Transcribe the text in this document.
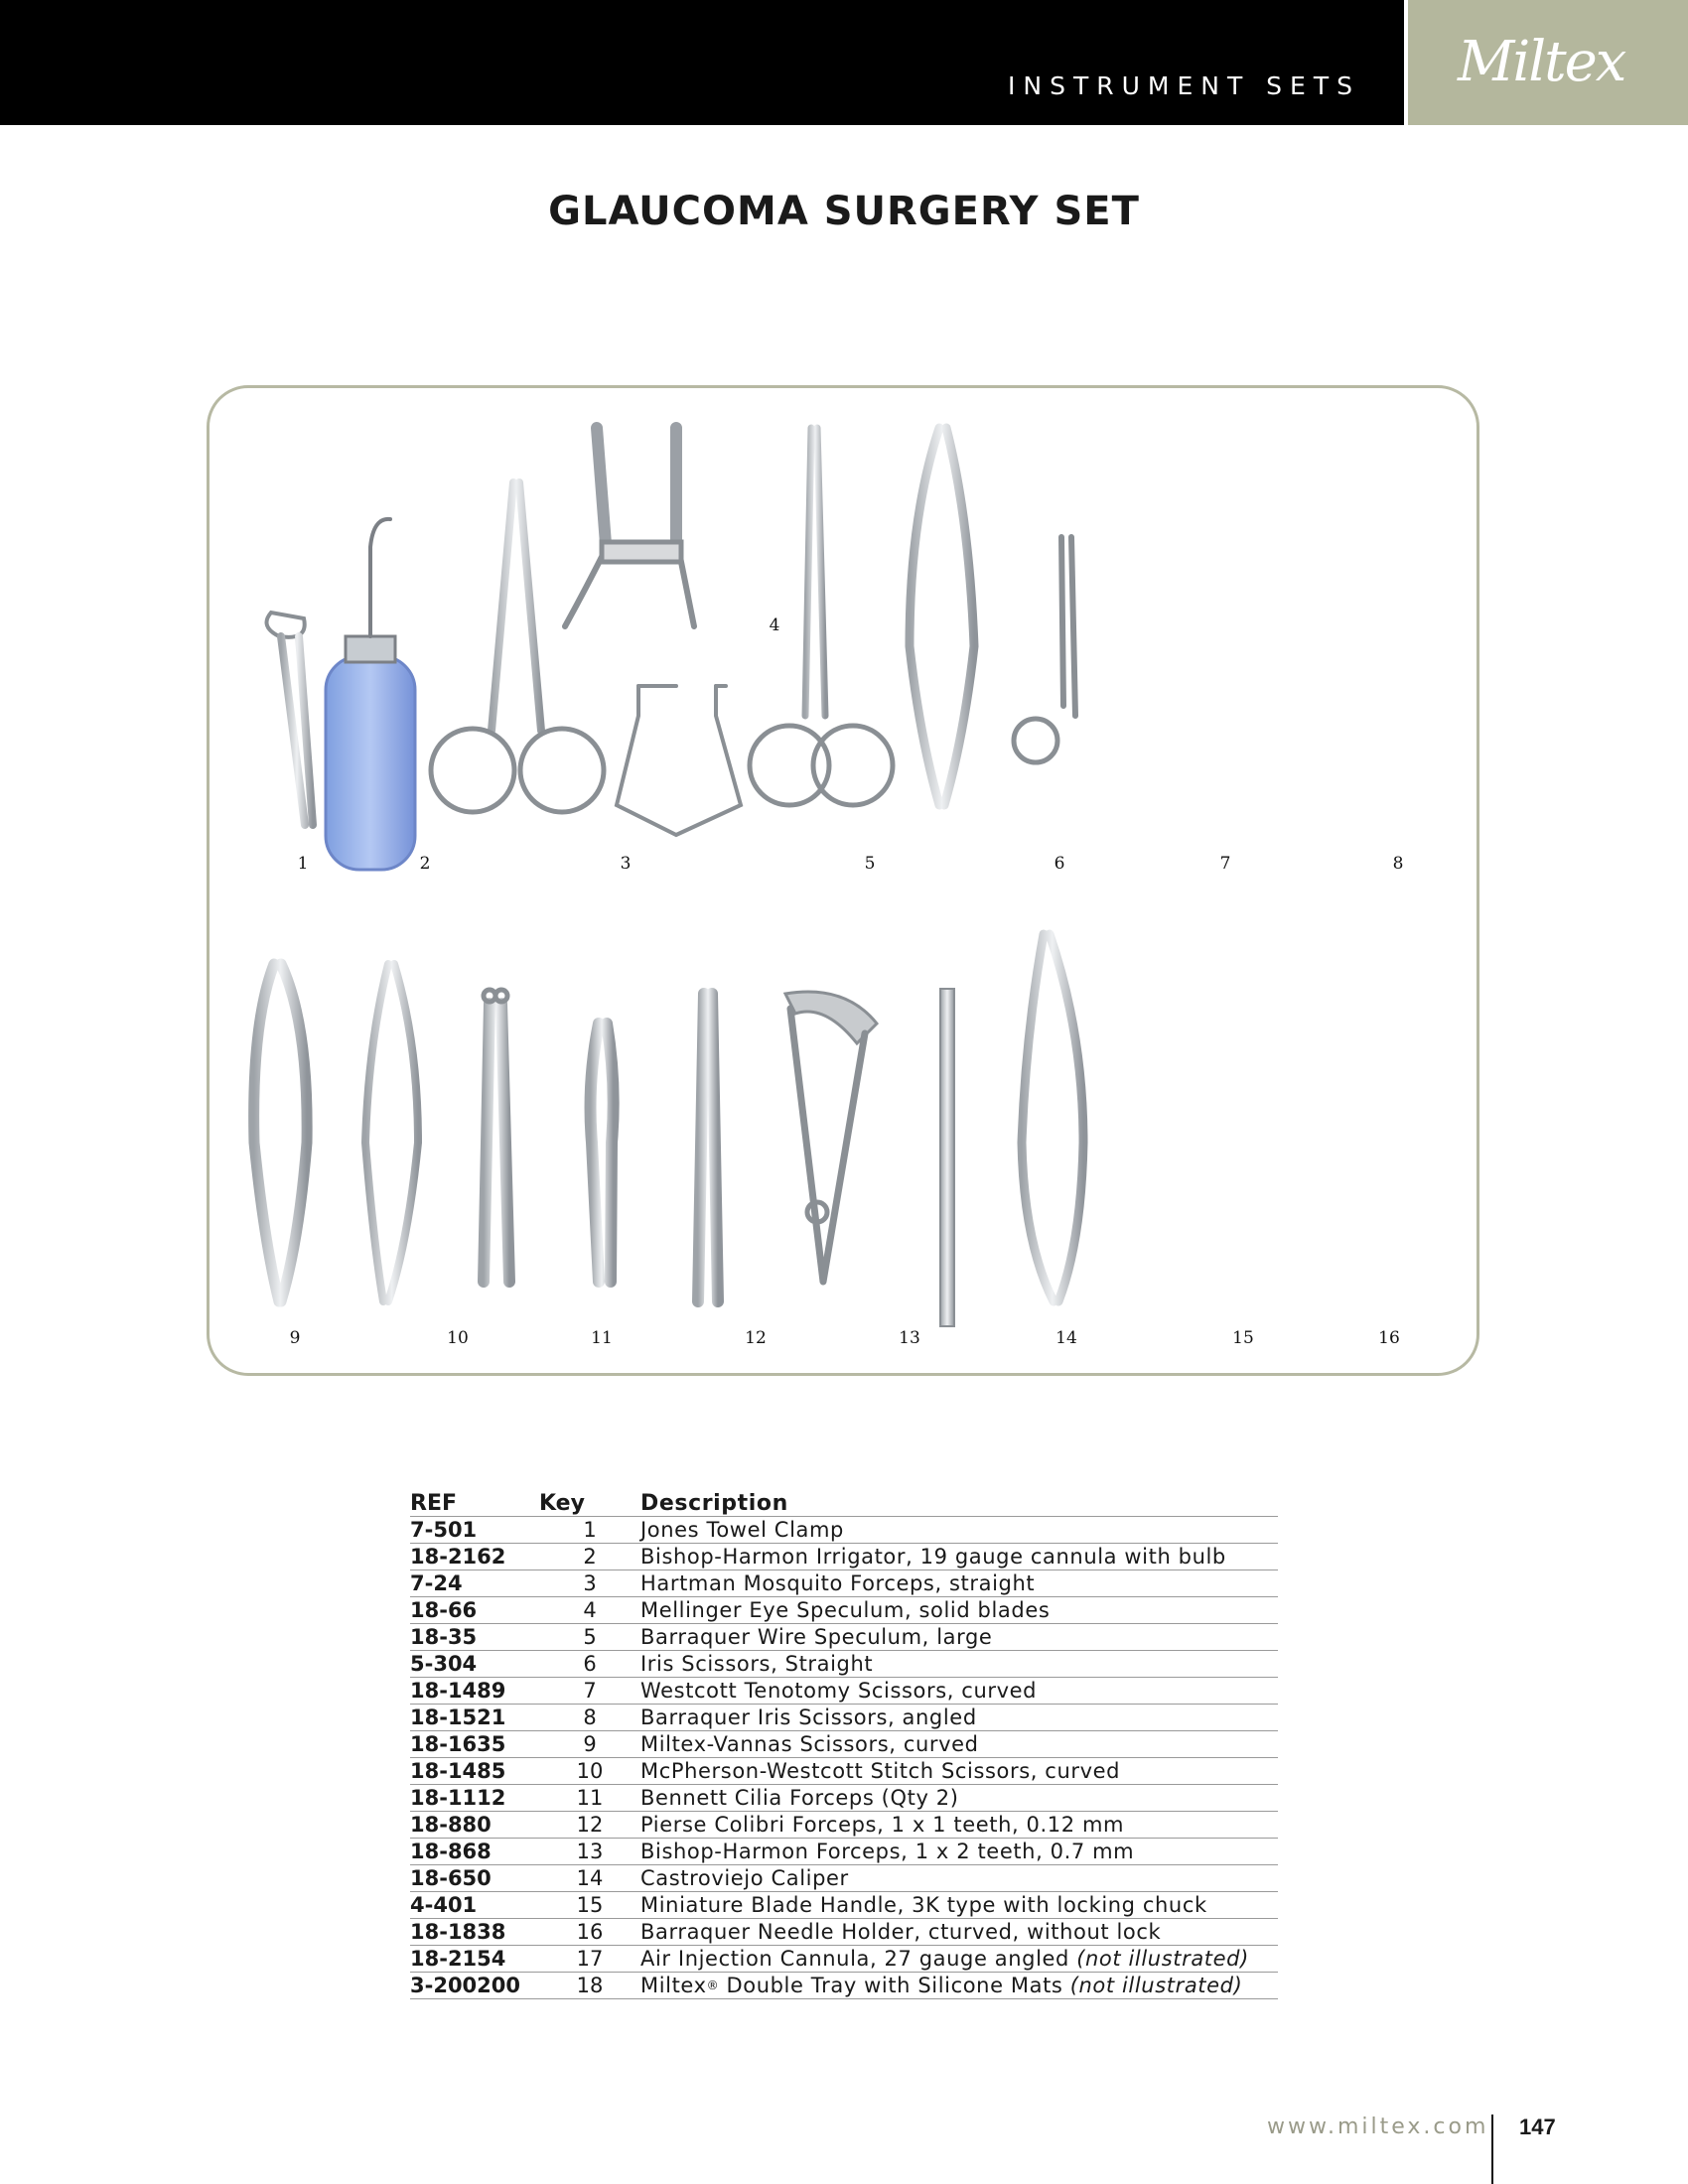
INSTRUMENT SETS Miltex
GLAUCOMA SURGERY SET
1	2	3
4
5	6	7	8
9	10	11	12	13	14	15	16
REF	Key	Description
7-501	1	Jones Towel Clamp
18-2162	2	Bishop-Harmon Irrigator, 19 gauge cannula with bulb
7-24	3	Hartman Mosquito Forceps, straight
18-66	4	Mellinger Eye Speculum, solid blades
18-35	5	Barraquer Wire Speculum, large
5-304	6	Iris Scissors, Straight
18-1489	7	Westcott Tenotomy Scissors, curved
18-1521	8	Barraquer Iris Scissors, angled
18-1635	9	Miltex-Vannas Scissors, curved
18-1485	10	McPherson-Westcott Stitch Scissors, curved
18-1112	11	Bennett Cilia Forceps (Qty 2)
18-880	12	Pierse Colibri Forceps, 1 x 1 teeth, 0.12 mm
18-868	13	Bishop-Harmon Forceps, 1 x 2 teeth, 0.7 mm
18-650	14	Castroviejo Caliper
4-401	15	Miniature Blade Handle, 3K type with locking chuck
18-1838	16	Barraquer Needle Holder, cturved, without lock
18-2154	17	Air Injection Cannula, 27 gauge angled (not illustrated)
3-200200	18	Miltex® Double Tray with Silicone Mats (not illustrated)
www.miltex.com 147
